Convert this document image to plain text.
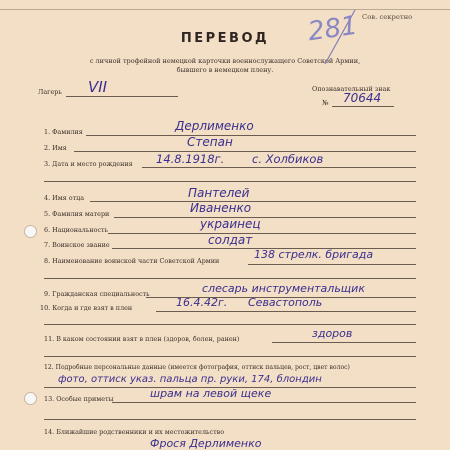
Сов. секретно
ПЕРЕВОД
с личной трофейной немецкой карточки военнослужащего Советской Армии,
бывшего в немецком плену.
281
Лагерь VII	Опознавательный знак
№ 70644
1. Фамилия	Дерлименко
2. Имя	Степан
3. Дата и место рождения 14.8.1918г. с. Холбиков
4. Имя отца	Пантелей
5. Фамилия матери	Иваненко
6. Национальность	украинец
7. Воинское звание	солдат
8. Наименование воинской части Советской Армии	138 стрелк. бригада
9. Гражданская специальность	слесарь инструментальщик
10. Когда и где взят в плен	16.4.42г. Севастополь
11. В каком состоянии взят в плен (здоров, болен, ранен)	здоров
12. Подробные персональные данные (имеется фотография, оттиск пальцев, рост, цвет волос)
фото, оттиск указ. пальца пр. руки, 174, блондин
13. Особые приметы	шрам на левой щеке
14. Ближайшие родственники и их местожительство
Фрося Дерлименко
